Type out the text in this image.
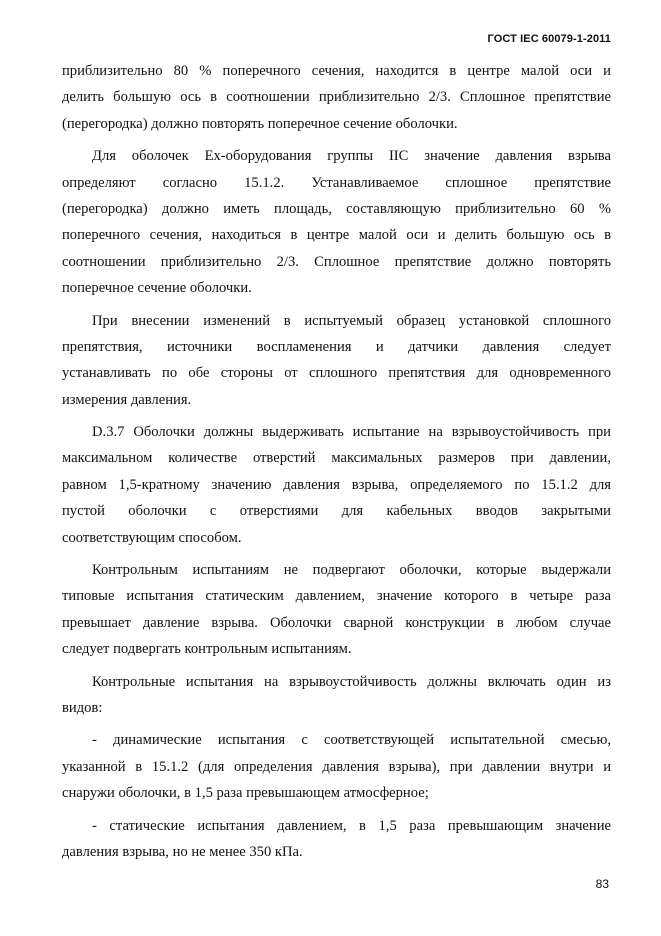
ГОСТ IEC 60079-1-2011
приблизительно 80 % поперечного сечения, находится в центре малой оси и
делить большую ось в соотношении приблизительно 2/3. Сплошное препятствие
(перегородка) должно повторять поперечное сечение оболочки.
Для оболочек Ex-оборудования группы IIC значение давления взрыва
определяют согласно 15.1.2. Устанавливаемое сплошное препятствие
(перегородка) должно иметь площадь, составляющую приблизительно 60 %
поперечного сечения, находиться в центре малой оси и делить большую ось в
соотношении приблизительно 2/3. Сплошное препятствие должно повторять
поперечное сечение оболочки.
При внесении изменений в испытуемый образец установкой сплошного
препятствия, источники воспламенения и датчики давления следует
устанавливать по обе стороны от сплошного препятствия для одновременного
измерения давления.
D.3.7 Оболочки должны выдерживать испытание на взрывоустойчивость при
максимальном количестве отверстий максимальных размеров при давлении,
равном 1,5-кратному значению давления взрыва, определяемого по 15.1.2 для
пустой оболочки с отверстиями для кабельных вводов закрытыми
соответствующим способом.
Контрольным испытаниям не подвергают оболочки, которые выдержали
типовые испытания статическим давлением, значение которого в четыре раза
превышает давление взрыва. Оболочки сварной конструкции в любом случае
следует подвергать контрольным испытаниям.
Контрольные испытания на взрывоустойчивость должны включать один из
видов:
- динамические испытания с соответствующей испытательной смесью,
указанной в 15.1.2 (для определения давления взрыва), при давлении внутри и
снаружи оболочки, в 1,5 раза превышающем атмосферное;
- статические испытания давлением, в 1,5 раза превышающим значение
давления взрыва, но не менее 350 кПа.
83
